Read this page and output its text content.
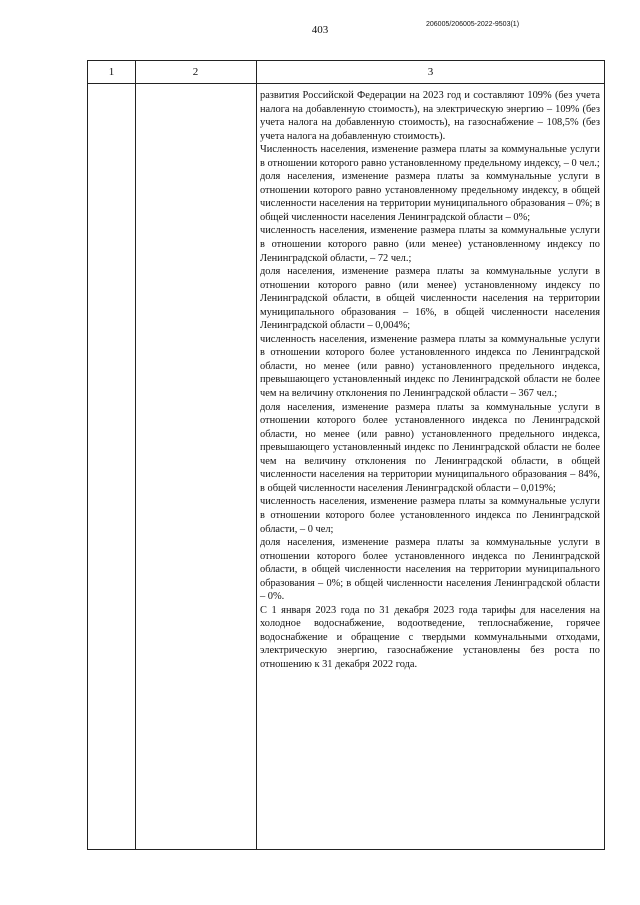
206005/206005-2022-9503(1)
403
1	2	3

развития Российской Федерации на 2023 год и составляют 109% (без учета налога на добавленную стоимость), на электрическую энергию – 109% (без учета налога на добавленную стоимость), на газоснабжение – 108,5% (без учета налога на добавленную стоимость).

Численность населения, изменение размера платы за коммунальные услуги в отношении которого равно установленному предельному индексу, – 0 чел.;

доля населения, изменение размера платы за коммунальные услуги в отношении которого равно установленному предельному индексу, в общей численности населения на территории муниципального образования – 0%; в общей численности населения Ленинградской области – 0%;

численность населения, изменение размера платы за коммунальные услуги в отношении которого равно (или менее) установленному индексу по Ленинградской области, – 72 чел.;

доля населения, изменение размера платы за коммунальные услуги в отношении которого равно (или менее) установленному индексу по Ленинградской области, в общей численности населения на территории муниципального образования – 16%, в общей численности населения Ленинградской области – 0,004%;

численность населения, изменение размера платы за коммунальные услуги в отношении которого более установленного индекса по Ленинградской области, но менее (или равно) установленного предельного индекса, превышающего установленный индекс по Ленинградской области не более чем на величину отклонения по Ленинградской области – 367 чел.;

доля населения, изменение размера платы за коммунальные услуги в отношении которого более установленного индекса по Ленинградской области, но менее (или равно) установленного предельного индекса, превышающего установленный индекс по Ленинградской области не более чем на величину отклонения по Ленинградской области, в общей численности населения на территории муниципального образования – 84%, в общей численности населения Ленинградской области – 0,019%;

численность населения, изменение размера платы за коммунальные услуги в отношении которого более установленного индекса по Ленинградской области, – 0 чел;

доля населения, изменение размера платы за коммунальные услуги в отношении которого более установленного индекса по Ленинградской области, в общей численности населения на территории муниципального образования – 0%; в общей численности населения Ленинградской области – 0%.

С 1 января 2023 года по 31 декабря 2023 года тарифы для населения на холодное водоснабжение, водоотведение, теплоснабжение, горячее водоснабжение и обращение с твердыми коммунальными отходами, электрическую энергию, газоснабжение установлены без роста по отношению к 31 декабря 2022 года.
